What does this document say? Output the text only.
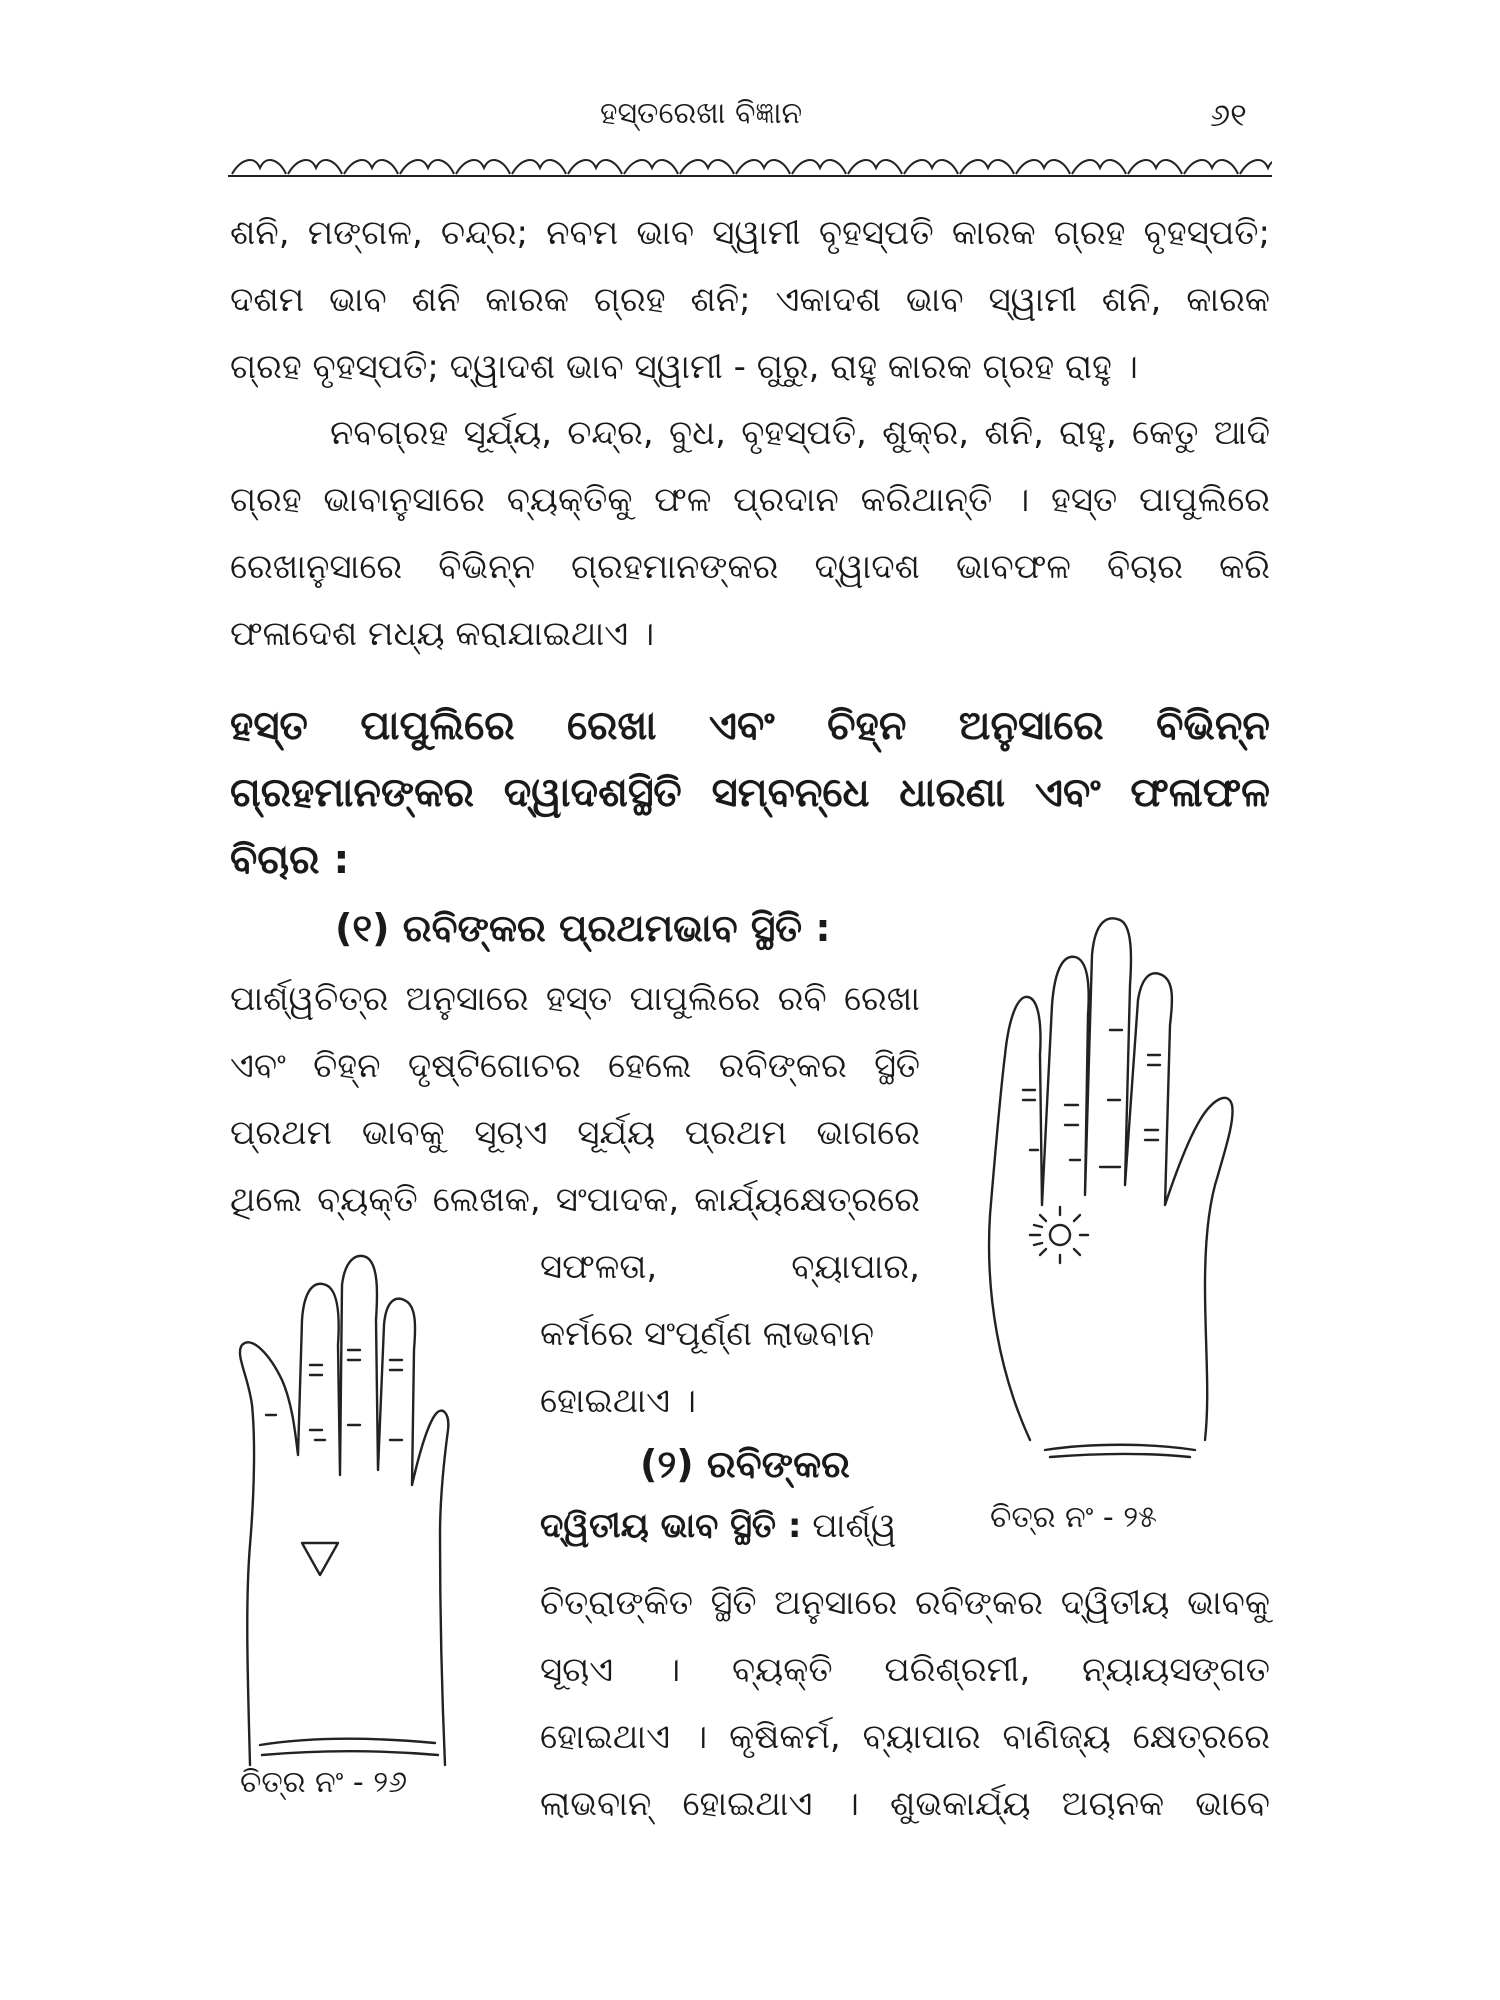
ହସ୍ତରେଖା ବିଜ୍ଞାନ	୬୧
ଶନି, ମଙ୍ଗଳ, ଚନ୍ଦ୍ର; ନବମ ଭାବ ସ୍ୱାମୀ ବୃହସ୍ପତି କାରକ ଗ୍ରହ ବୃହସ୍ପତି;
ଦଶମ ଭାବ ଶନି କାରକ ଗ୍ରହ ଶନି; ଏକାଦଶ ଭାବ ସ୍ୱାମୀ ଶନି, କାରକ
ଗ୍ରହ ବୃହସ୍ପତି; ଦ୍ୱାଦଶ ଭାବ ସ୍ୱାମୀ - ଗୁରୁ, ରାହୁ କାରକ ଗ୍ରହ ରାହୁ ।
ନବଗ୍ରହ ସୂର୍ଯ୍ୟ, ଚନ୍ଦ୍ର, ବୁଧ, ବୃହସ୍ପତି, ଶୁକ୍ର, ଶନି, ରାହୁ, କେତୁ ଆଦି
ଗ୍ରହ ଭାବାନୁସାରେ ବ୍ୟକ୍ତିକୁ ଫଳ ପ୍ରଦାନ କରିଥାନ୍ତି । ହସ୍ତ ପାପୁଲିରେ
ରେଖାନୁସାରେ ବିଭିନ୍ନ ଗ୍ରହମାନଙ୍କର ଦ୍ୱାଦଶ ଭାବଫଳ ବିଚାର କରି
ଫଳାଦେଶ ମଧ୍ୟ କରାଯାଇଥାଏ ।
ହସ୍ତ ପାପୁଲିରେ ରେଖା ଏବଂ ଚିହ୍ନ ଅନୁସାରେ ବିଭିନ୍ନ
ଗ୍ରହମାନଙ୍କର ଦ୍ୱାଦଶସ୍ଥିତି ସମ୍ବନ୍ଧେ ଧାରଣା ଏବଂ ଫଳାଫଳ
ବିଚାର :
(୧) ରବିଙ୍କର ପ୍ରଥମଭାବ ସ୍ଥିତି :
ପାର୍ଶ୍ୱଚିତ୍ର ଅନୁସାରେ ହସ୍ତ ପାପୁଲିରେ ରବି ରେଖା
ଏବଂ ଚିହ୍ନ ଦୃଷ୍ଟିଗୋଚର ହେଲେ ରବିଙ୍କର ସ୍ଥିତି
ପ୍ରଥମ ଭାବକୁ ସୂଚାଏ ସୂର୍ଯ୍ୟ ପ୍ରଥମ ଭାଗରେ
ଥିଲେ ବ୍ୟକ୍ତି ଲେଖକ, ସଂପାଦକ, କାର୍ଯ୍ୟକ୍ଷେତ୍ରରେ
ସଫଳତା, ବ୍ୟାପାର,
କର୍ମରେ ସଂପୂର୍ଣ୍ଣ ଲାଭବାନ
ହୋଇଥାଏ ।
(୨) ରବିଙ୍କର
ଦ୍ୱିତୀୟ ଭାବ ସ୍ଥିତି : ପାର୍ଶ୍ୱ
ଚିତ୍ରାଙ୍କିତ ସ୍ଥିତି ଅନୁସାରେ ରବିଙ୍କର ଦ୍ୱିତୀୟ ଭାବକୁ
ସୂଚାଏ । ବ୍ୟକ୍ତି ପରିଶ୍ରମୀ, ନ୍ୟାୟସଙ୍ଗତ
ହୋଇଥାଏ । କୃଷିକର୍ମ, ବ୍ୟାପାର ବାଣିଜ୍ୟ କ୍ଷେତ୍ରରେ
ଲାଭବାନ୍ ହୋଇଥାଏ । ଶୁଭକାର୍ଯ୍ୟ ଅଚାନକ ଭାବେ
ଚିତ୍ର ନଂ - ୨୫
ଚିତ୍ର ନଂ - ୨୬
